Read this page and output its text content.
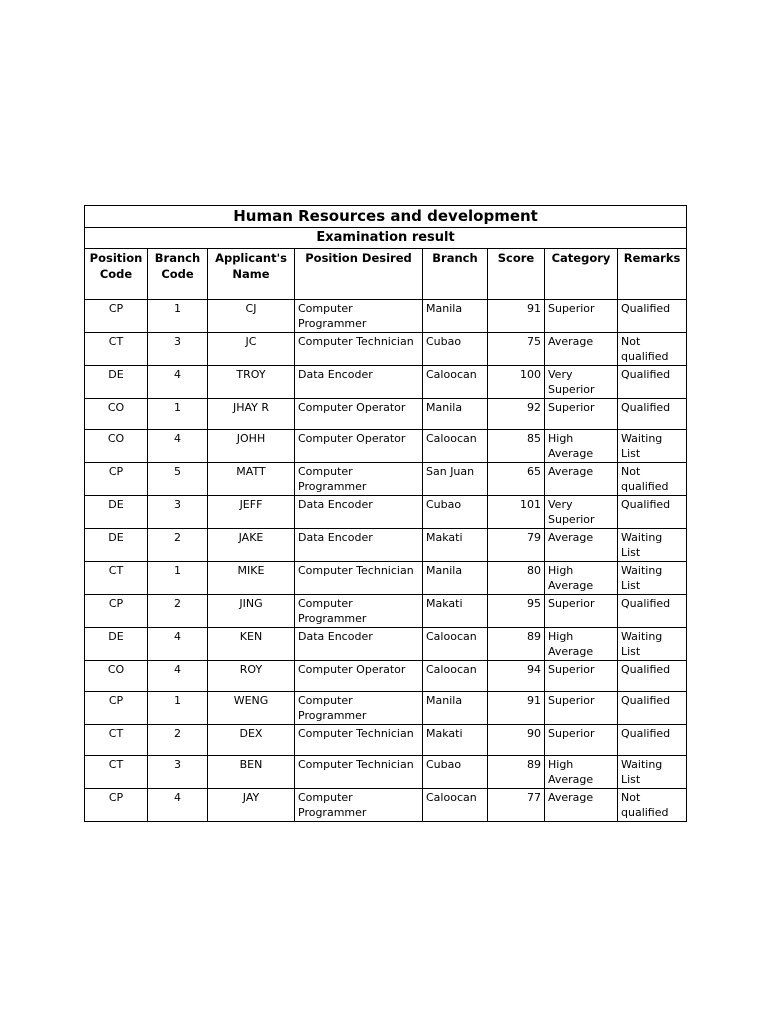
Human Resources and development							
Examination result							
Position Code	Branch Code	Applicant's Name	Position Desired	Branch	Score	Category	Remarks
CP	1	CJ	Computer Programmer	Manila	91	Superior	Qualified
CT	3	JC	Computer Technician	Cubao	75	Average	Not qualified
DE	4	TROY	Data Encoder	Caloocan	100	Very Superior	Qualified
CO	1	JHAY R	Computer Operator	Manila	92	Superior	Qualified
CO	4	JOHH	Computer Operator	Caloocan	85	High Average	Waiting List
CP	5	MATT	Computer Programmer	San Juan	65	Average	Not qualified
DE	3	JEFF	Data Encoder	Cubao	101	Very Superior	Qualified
DE	2	JAKE	Data Encoder	Makati	79	Average	Waiting List
CT	1	MIKE	Computer Technician	Manila	80	High Average	Waiting List
CP	2	JING	Computer Programmer	Makati	95	Superior	Qualified
DE	4	KEN	Data Encoder	Caloocan	89	High Average	Waiting List
CO	4	ROY	Computer Operator	Caloocan	94	Superior	Qualified
CP	1	WENG	Computer Programmer	Manila	91	Superior	Qualified
CT	2	DEX	Computer Technician	Makati	90	Superior	Qualified
CT	3	BEN	Computer Technician	Cubao	89	High Average	Waiting List
CP	4	JAY	Computer Programmer	Caloocan	77	Average	Not qualified
